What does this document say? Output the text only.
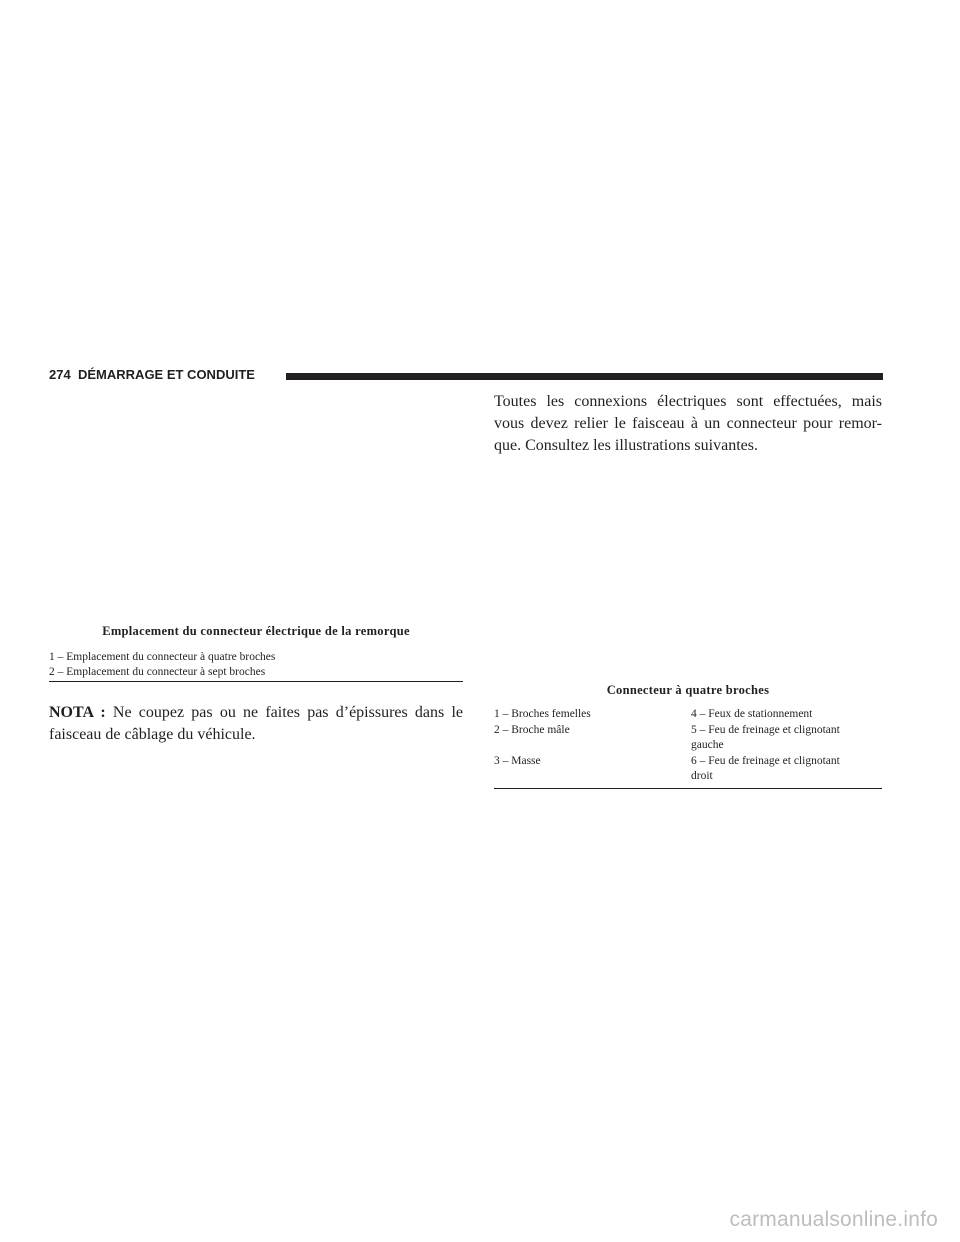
274 DÉMARRAGE ET CONDUITE
Emplacement du connecteur électrique de la remorque
1 – Emplacement du connecteur à quatre broches
2 – Emplacement du connecteur à sept broches
NOTA : Ne coupez pas ou ne faites pas d’épissures dans le
faisceau de câblage du véhicule.
Toutes les connexions électriques sont effectuées, mais
vous devez relier le faisceau à un connecteur pour remor-
que. Consultez les illustrations suivantes.
Connecteur à quatre broches
1 – Broches femelles
2 – Broche mâle
3 – Masse
4 – Feux de stationnement
5 – Feu de freinage et clignotant
gauche
6 – Feu de freinage et clignotant
droit
carmanualsonline.info
